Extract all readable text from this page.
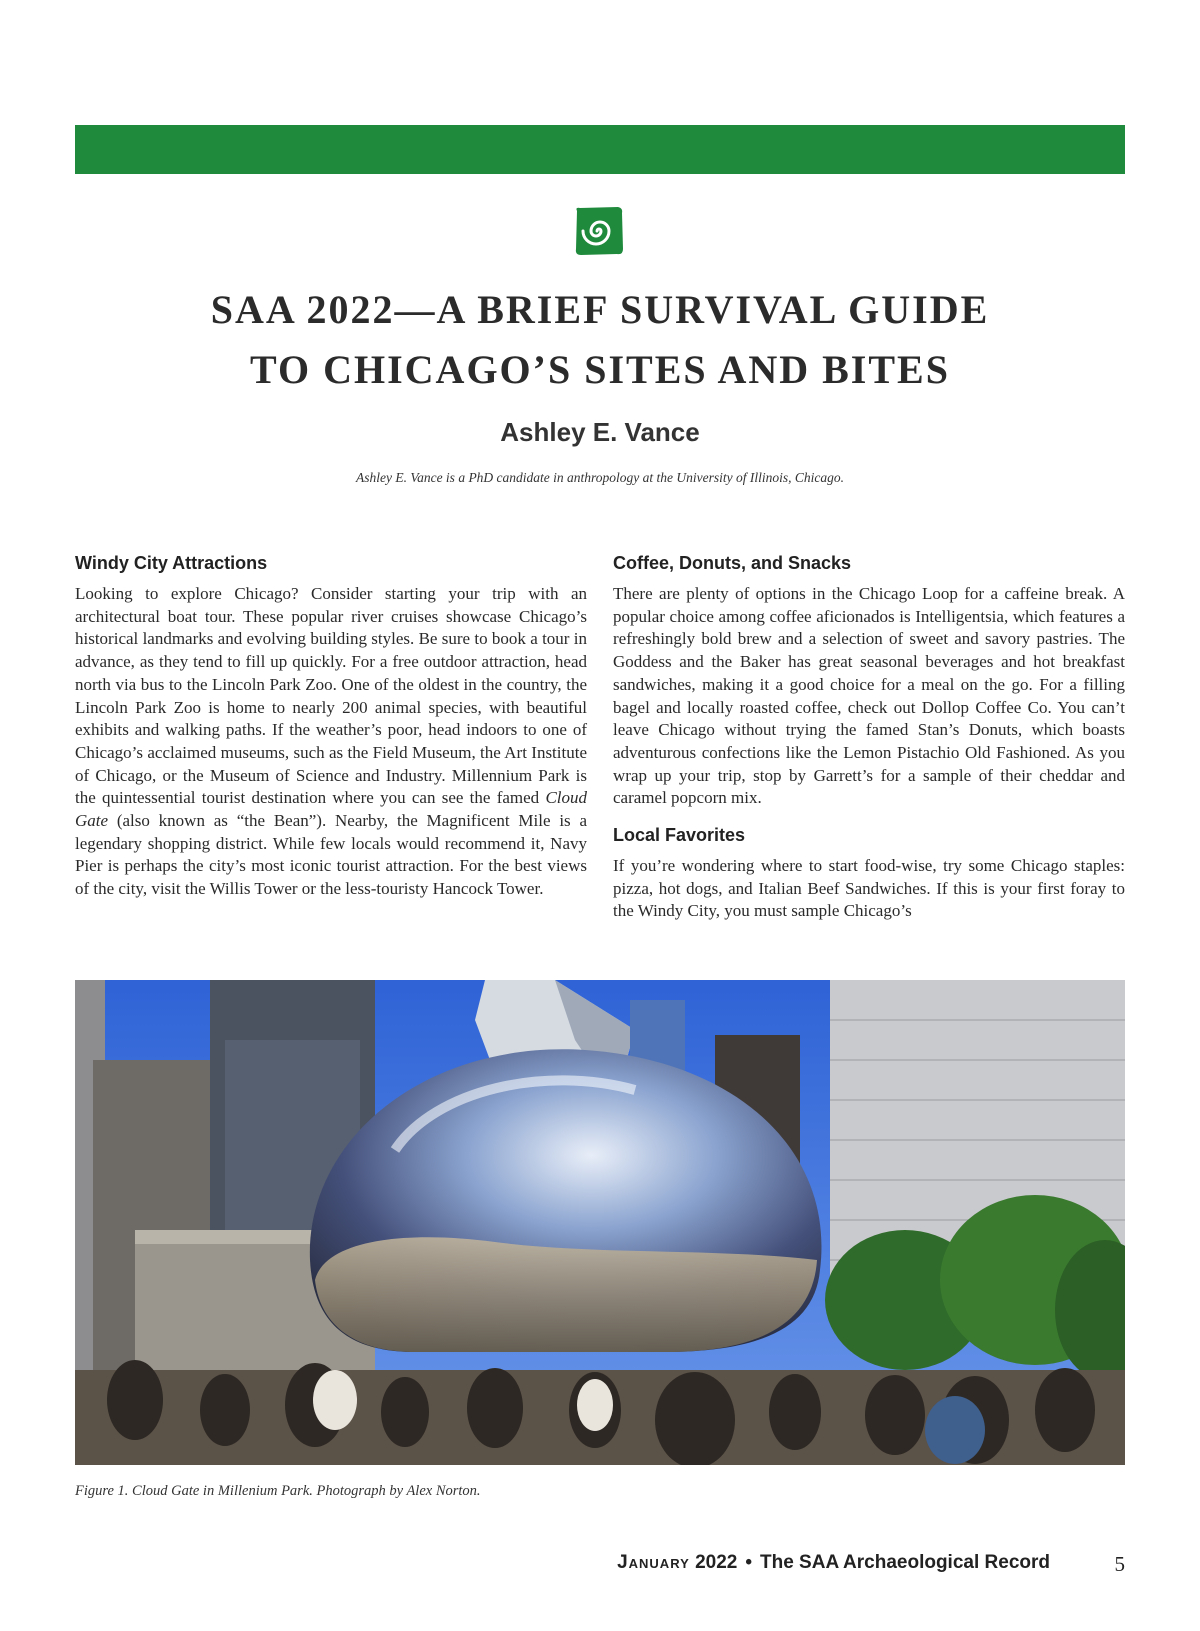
SAA 2022—A BRIEF SURVIVAL GUIDE
TO CHICAGO’S SITES AND BITES
Ashley E. Vance
Ashley E. Vance is a PhD candidate in anthropology at the University of Illinois, Chicago.
Windy City Attractions

Looking to explore Chicago? Consider starting your trip with an architectural boat tour. These popular river cruises showcase Chicago’s historical landmarks and evolving building styles. Be sure to book a tour in advance, as they tend to fill up quickly. For a free outdoor attraction, head north via bus to the Lincoln Park Zoo. One of the oldest in the country, the Lincoln Park Zoo is home to nearly 200 animal species, with beautiful exhibits and walking paths. If the weather’s poor, head indoors to one of Chicago’s acclaimed museums, such as the Field Museum, the Art Institute of Chicago, or the Museum of Science and Industry. Millennium Park is the quintessential tourist destination where you can see the famed Cloud Gate (also known as “the Bean”). Nearby, the Magnificent Mile is a legendary shopping district. While few locals would recommend it, Navy Pier is perhaps the city’s most iconic tourist attraction. For the best views of the city, visit the Willis Tower or the less-touristy Hancock Tower.

Coffee, Donuts, and Snacks

There are plenty of options in the Chicago Loop for a caffeine break. A popular choice among coffee aficionados is Intelligentsia, which features a refreshingly bold brew and a selection of sweet and savory pastries. The Goddess and the Baker has great seasonal beverages and hot breakfast sandwiches, making it a good choice for a meal on the go. For a filling bagel and locally roasted coffee, check out Dollop Coffee Co. You can’t leave Chicago without trying the famed Stan’s Donuts, which boasts adventurous confections like the Lemon Pistachio Old Fashioned. As you wrap up your trip, stop by Garrett’s for a sample of their cheddar and caramel popcorn mix.

Local Favorites

If you’re wondering where to start food-wise, try some Chicago staples: pizza, hot dogs, and Italian Beef Sandwiches. If this is your first foray to the Windy City, you must sample Chicago’s

Figure 1. Cloud Gate in Millenium Park. Photograph by Alex Norton.
January 2022 • The SAA Archaeological Record	5
